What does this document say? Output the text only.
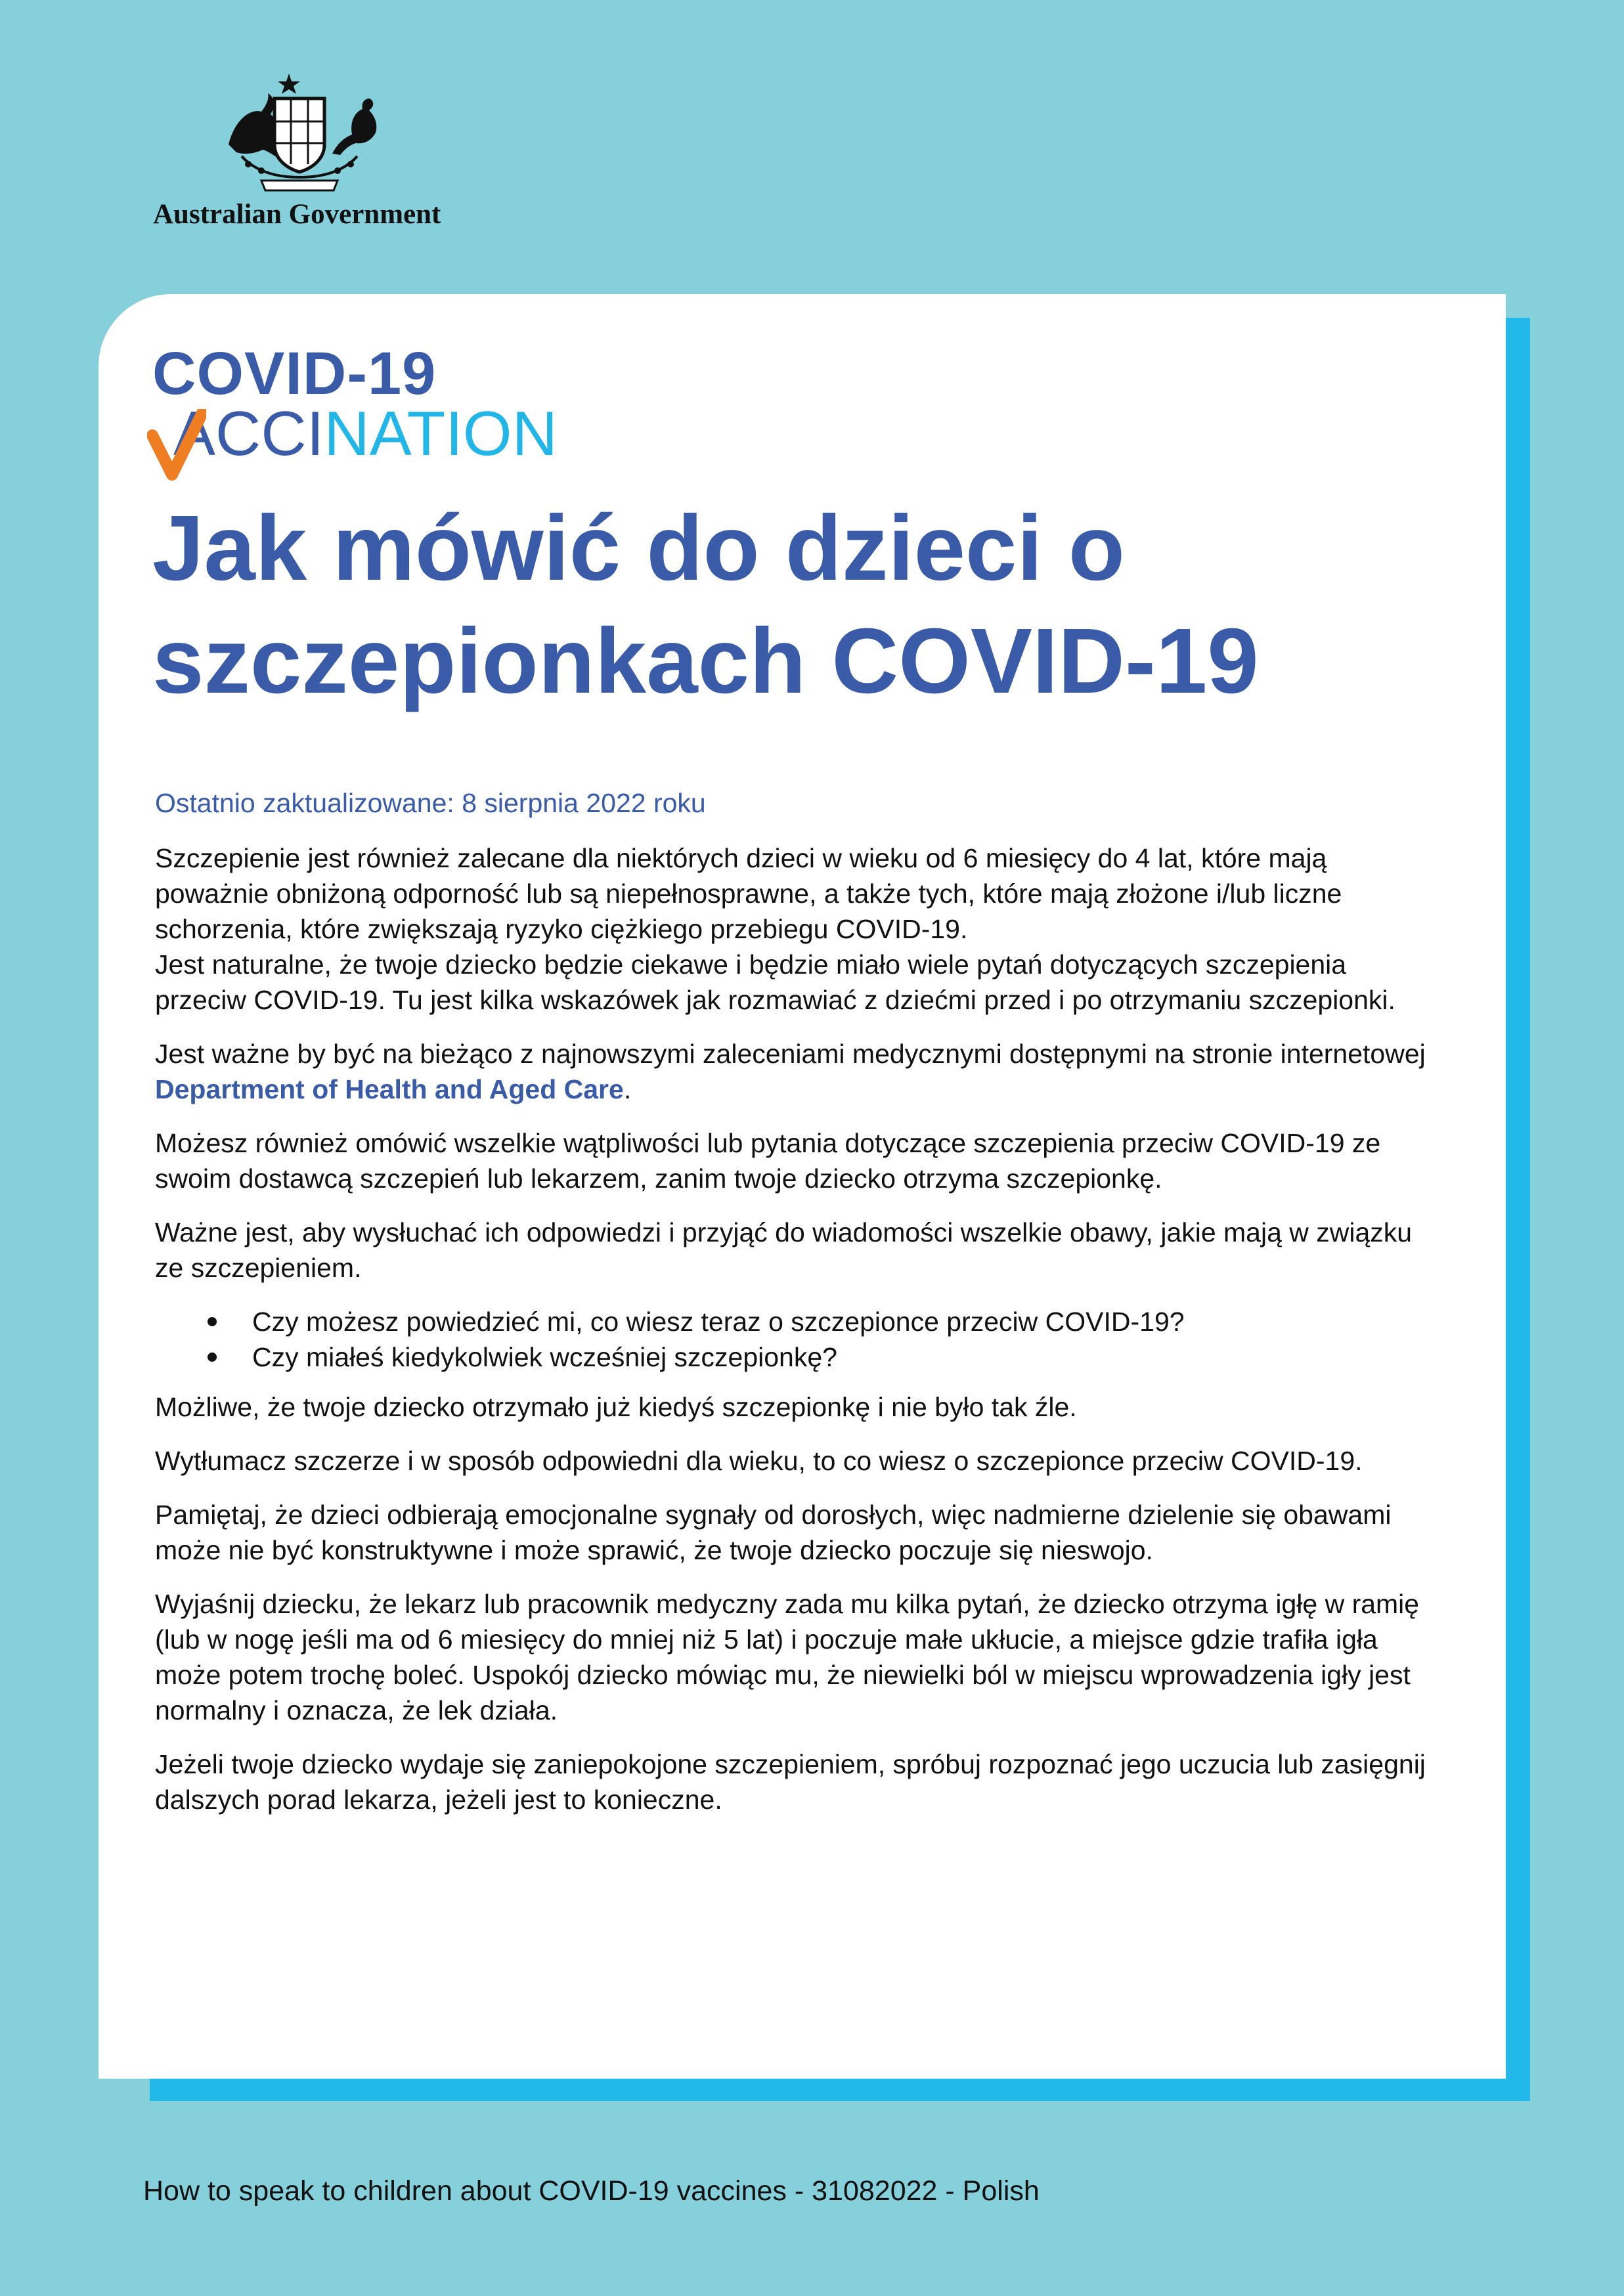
Australian Government
COVID-19
ACCINATION
Jak mówić do dzieci o szczepionkach COVID-19

Ostatnio zaktualizowane: 8 sierpnia 2022 roku

Szczepienie jest również zalecane dla niektórych dzieci w wieku od 6 miesięcy do 4 lat, które mają poważnie obniżoną odporność lub są niepełnosprawne, a także tych, które mają złożone i/lub liczne schorzenia, które zwiększają ryzyko ciężkiego przebiegu COVID-19.

Jest naturalne, że twoje dziecko będzie ciekawe i będzie miało wiele pytań dotyczących szczepienia przeciw COVID-19. Tu jest kilka wskazówek jak rozmawiać z dziećmi przed i po otrzymaniu szczepionki.

Jest ważne by być na bieżąco z najnowszymi zaleceniami medycznymi dostępnymi na stronie internetowej Department of Health and Aged Care.

Możesz również omówić wszelkie wątpliwości lub pytania dotyczące szczepienia przeciw COVID-19 ze swoim dostawcą szczepień lub lekarzem, zanim twoje dziecko otrzyma szczepionkę.

Ważne jest, aby wysłuchać ich odpowiedzi i przyjąć do wiadomości wszelkie obawy, jakie mają w związku ze szczepieniem.

Czy możesz powiedzieć mi, co wiesz teraz o szczepionce przeciw COVID-19?
Czy miałeś kiedykolwiek wcześniej szczepionkę?

Możliwe, że twoje dziecko otrzymało już kiedyś szczepionkę i nie było tak źle.

Wytłumacz szczerze i w sposób odpowiedni dla wieku, to co wiesz o szczepionce przeciw COVID-19.

Pamiętaj, że dzieci odbierają emocjonalne sygnały od dorosłych, więc nadmierne dzielenie się obawami może nie być konstruktywne i może sprawić, że twoje dziecko poczuje się nieswojo.

Wyjaśnij dziecku, że lekarz lub pracownik medyczny zada mu kilka pytań, że dziecko otrzyma igłę w ramię (lub w nogę jeśli ma od 6 miesięcy do mniej niż 5 lat) i poczuje małe ukłucie, a miejsce gdzie trafiła igła może potem trochę boleć. Uspokój dziecko mówiąc mu, że niewielki ból w miejscu wprowadzenia igły jest normalny i oznacza, że lek działa.

Jeżeli twoje dziecko wydaje się zaniepokojone szczepieniem, spróbuj rozpoznać jego uczucia lub zasięgnij dalszych porad lekarza, jeżeli jest to konieczne.

How to speak to children about COVID-19 vaccines - 31082022 - Polish
